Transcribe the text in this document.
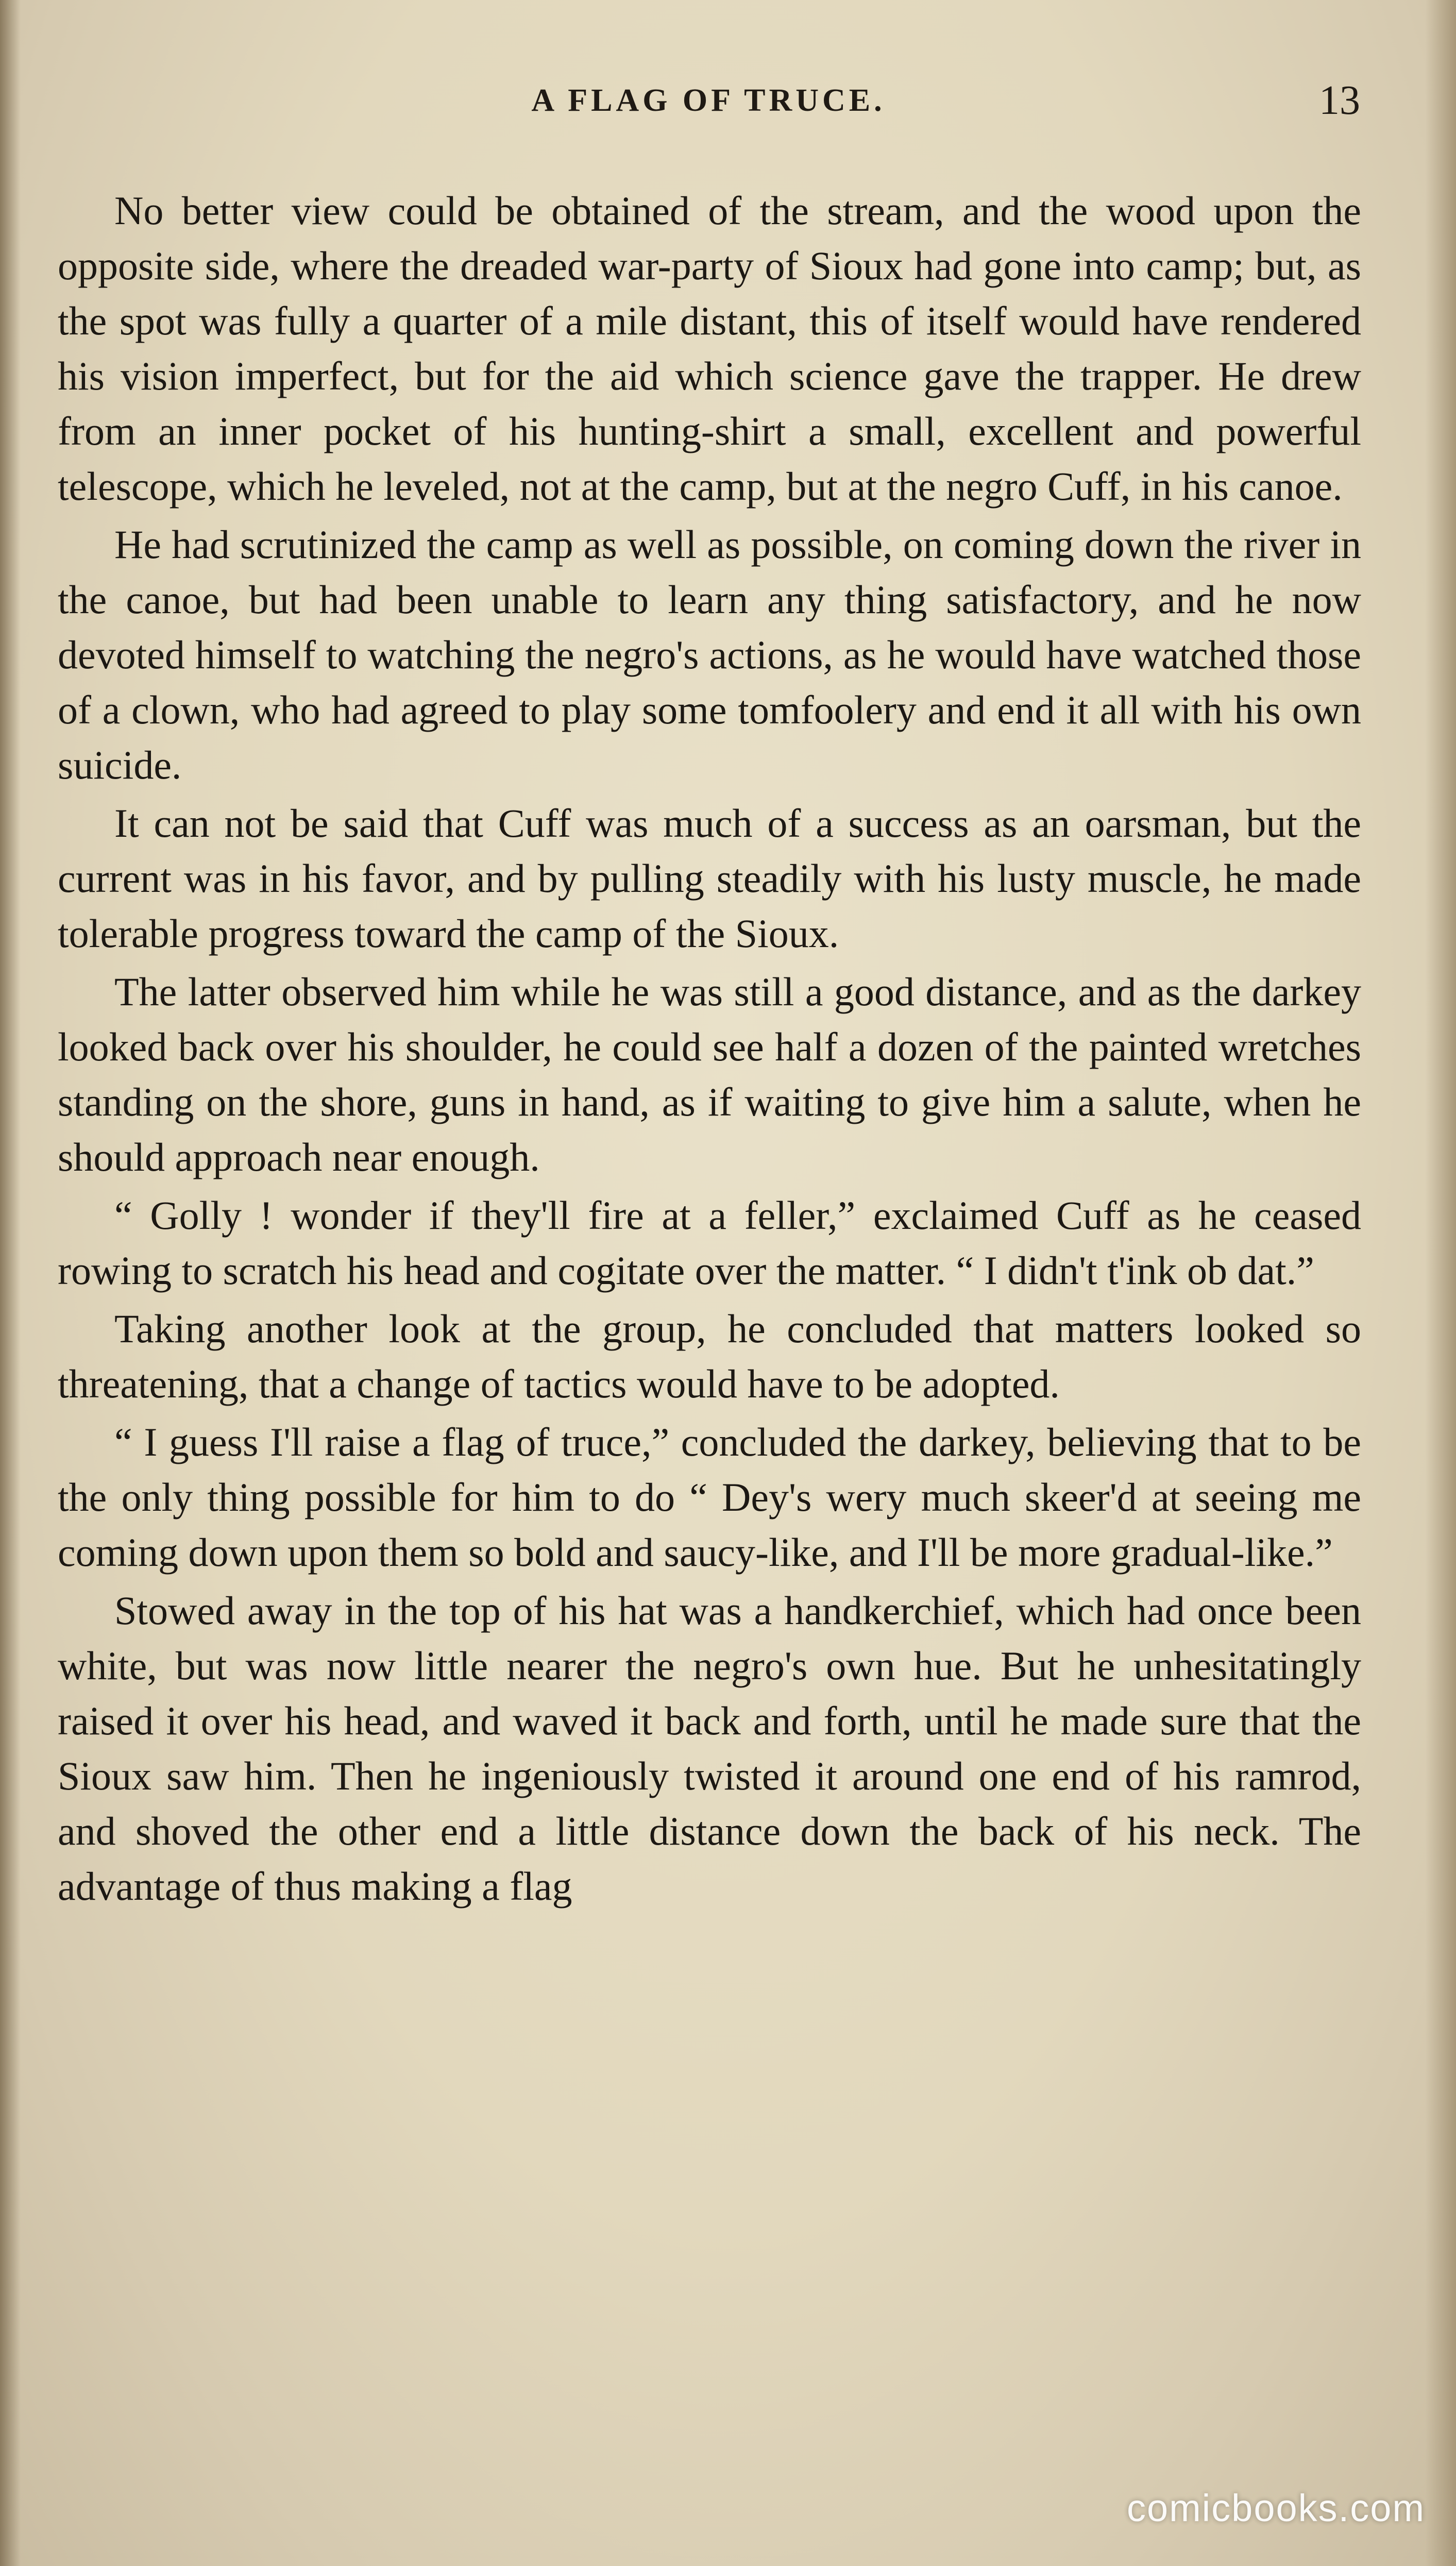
A FLAG OF TRUCE.	13

No better view could be obtained of the stream, and the wood upon the opposite side, where the dreaded war-party of Sioux had gone into camp; but, as the spot was fully a quarter of a mile distant, this of itself would have rendered his vision imperfect, but for the aid which science gave the trapper. He drew from an inner pocket of his hunting-shirt a small, excellent and powerful telescope, which he leveled, not at the camp, but at the negro Cuff, in his canoe.

He had scrutinized the camp as well as possible, on coming down the river in the canoe, but had been unable to learn any thing satisfactory, and he now devoted himself to watching the negro's actions, as he would have watched those of a clown, who had agreed to play some tomfoolery and end it all with his own suicide.

It can not be said that Cuff was much of a success as an oarsman, but the current was in his favor, and by pulling steadily with his lusty muscle, he made tolerable progress toward the camp of the Sioux.

The latter observed him while he was still a good distance, and as the darkey looked back over his shoulder, he could see half a dozen of the painted wretches standing on the shore, guns in hand, as if waiting to give him a salute, when he should approach near enough.

“ Golly ! wonder if they'll fire at a feller,” exclaimed Cuff as he ceased rowing to scratch his head and cogitate over the matter. “ I didn't t'ink ob dat.”

Taking another look at the group, he concluded that matters looked so threatening, that a change of tactics would have to be adopted.

“ I guess I'll raise a flag of truce,” concluded the darkey, believing that to be the only thing possible for him to do “ Dey's wery much skeer'd at seeing me coming down upon them so bold and saucy-like, and I'll be more gradual-like.”

Stowed away in the top of his hat was a handkerchief, which had once been white, but was now little nearer the negro's own hue. But he unhesitatingly raised it over his head, and waved it back and forth, until he made sure that the Sioux saw him. Then he ingeniously twisted it around one end of his ramrod, and shoved the other end a little distance down the back of his neck. The advantage of thus making a flag

comicbooks.com
